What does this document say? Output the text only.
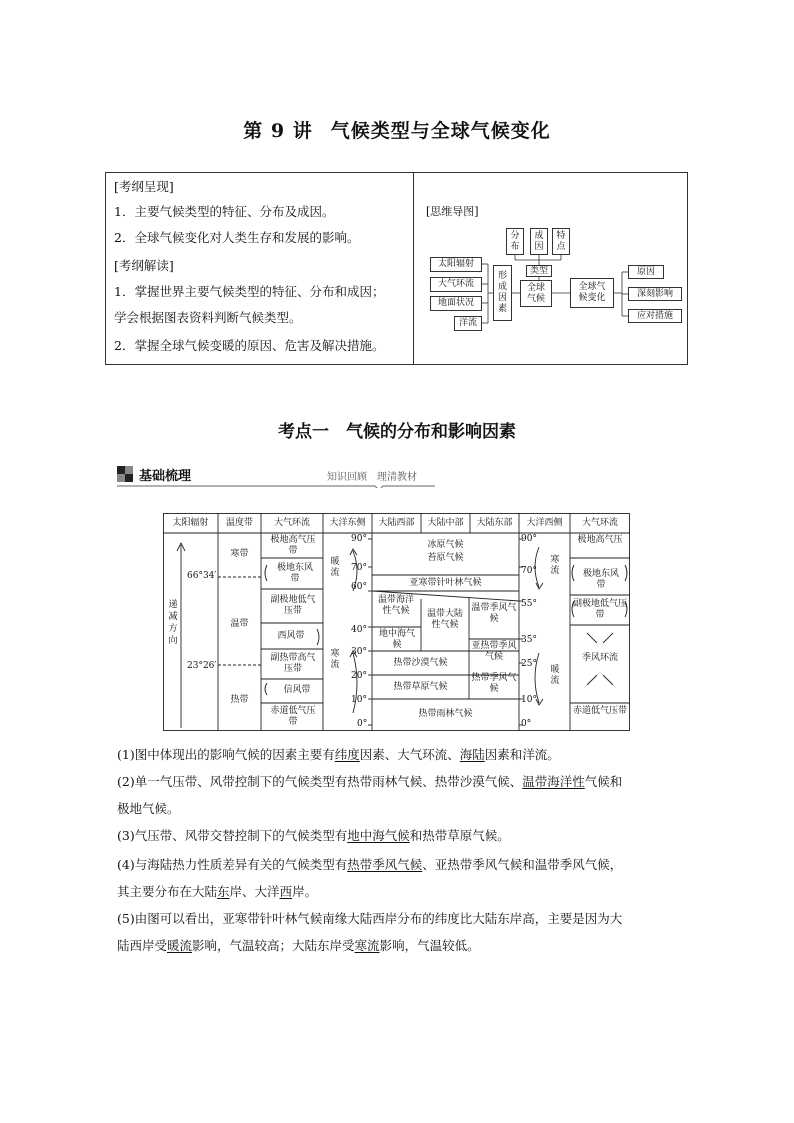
第 9 讲 气候类型与全球气候变化
[考纲呈现]
1．主要气候类型的特征、分布及成因。
2．全球气候变化对人类生存和发展的影响。
[考纲解读]
1．掌握世界主要气候类型的特征、分布和成因；
学会根据图表资料判断气候类型。
2．掌握全球气候变暖的原因、危害及解决措施。
[思维导图]
分布
成因
特点
类型
太阳辐射
大气环流
地面状况
洋流
形成因素
全球气候
全球气候变化
原因
深刻影响
应对措施
考点一　气候的分布和影响因素
基础梳理	知识回顾　理清教材
太阳辐射	温度带	大气环流	大洋东侧	大陆西部	大陆中部	大陆东部	大洋西侧	大气环流
66°34′
23°26′
递减方向
寒带
温带
热带
极地高气压带
极地东风带
副极地低气压带
西风带
副热带高气压带
信风带
赤道低气压带
暖流
寒流
90°
70°
60°
40°
30°
20°
10°
0°
冰原气候
苔原气候
亚寒带针叶林气候
温带海洋性气候	温带大陆性气候
温带季风气候
地中海气候	亚热带季风气候
热带沙漠气候
热带季风气候
热带草原气候
热带雨林气候
90°
70°
55°
35°
25°
10°
0°
寒流
暖流
极地高气压
极地东风带
副极地低气压带
季风环流
赤道低气压带
(1)图中体现出的影响气候的因素主要有纬度因素、大气环流、海陆因素和洋流。
(2)单一气压带、风带控制下的气候类型有热带雨林气候、热带沙漠气候、温带海洋性气候和
极地气候。
(3)气压带、风带交替控制下的气候类型有地中海气候和热带草原气候。
(4)与海陆热力性质差异有关的气候类型有热带季风气候、亚热带季风气候和温带季风气候，
其主要分布在大陆东岸、大洋西岸。
(5)由图可以看出，亚寒带针叶林气候南缘大陆西岸分布的纬度比大陆东岸高，主要是因为大
陆西岸受暖流影响，气温较高；大陆东岸受寒流影响，气温较低。
